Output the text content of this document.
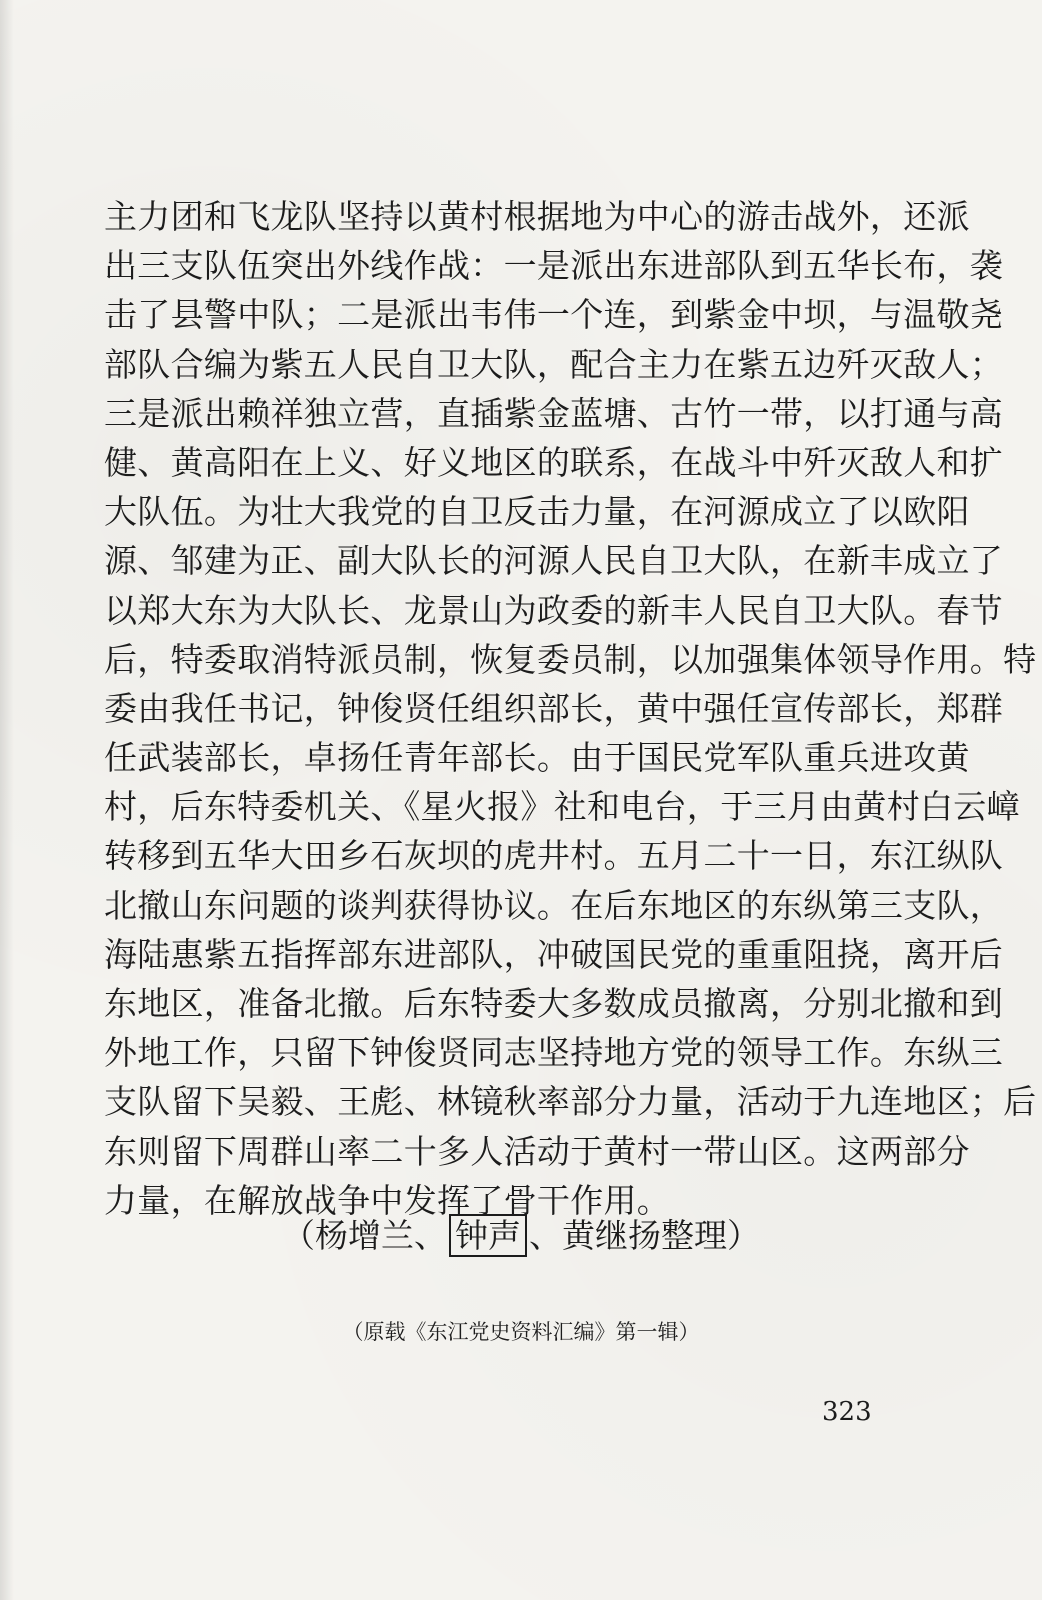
主力团和飞龙队坚持以黄村根据地为中心的游击战外，还派
出三支队伍突出外线作战：一是派出东进部队到五华长布，袭
击了县警中队；二是派出韦伟一个连，到紫金中坝，与温敬尧
部队合编为紫五人民自卫大队，配合主力在紫五边歼灭敌人；
三是派出赖祥独立营，直插紫金蓝塘、古竹一带，以打通与高
健、黄高阳在上义、好义地区的联系，在战斗中歼灭敌人和扩
大队伍。为壮大我党的自卫反击力量，在河源成立了以欧阳
源、邹建为正、副大队长的河源人民自卫大队，在新丰成立了
以郑大东为大队长、龙景山为政委的新丰人民自卫大队。春节
后，特委取消特派员制，恢复委员制，以加强集体领导作用。特
委由我任书记，钟俊贤任组织部长，黄中强任宣传部长，郑群
任武装部长，卓扬任青年部长。由于国民党军队重兵进攻黄
村，后东特委机关、《星火报》社和电台，于三月由黄村白云嶂
转移到五华大田乡石灰坝的虎井村。五月二十一日，东江纵队
北撤山东问题的谈判获得协议。在后东地区的东纵第三支队，
海陆惠紫五指挥部东进部队，冲破国民党的重重阻挠，离开后
东地区，准备北撤。后东特委大多数成员撤离，分别北撤和到
外地工作，只留下钟俊贤同志坚持地方党的领导工作。东纵三
支队留下吴毅、王彪、林镜秋率部分力量，活动于九连地区；后
东则留下周群山率二十多人活动于黄村一带山区。这两部分
力量，在解放战争中发挥了骨干作用。
（杨增兰、 钟声 、黄继扬整理）
（原载《东江党史资料汇编》第一辑）
323
